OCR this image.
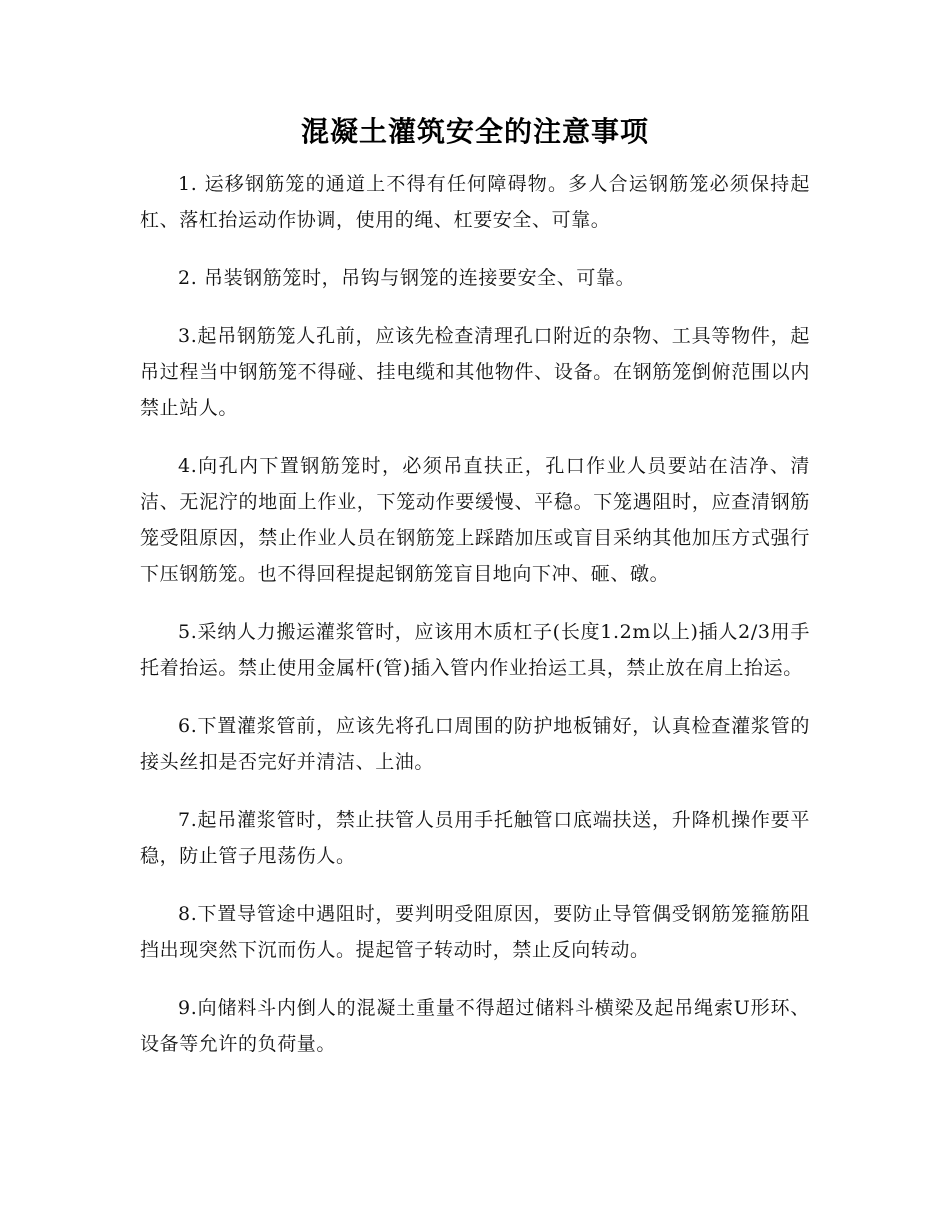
混凝土灌筑安全的注意事项

1. 运移钢筋笼的通道上不得有任何障碍物。多人合运钢筋笼必须保持起杠、落杠抬运动作协调，使用的绳、杠要安全、可靠。

2. 吊装钢筋笼时，吊钩与钢笼的连接要安全、可靠。

3.起吊钢筋笼人孔前，应该先检查清理孔口附近的杂物、工具等物件，起吊过程当中钢筋笼不得碰、挂电缆和其他物件、设备。在钢筋笼倒俯范围以内禁止站人。

4.向孔内下置钢筋笼时，必须吊直扶正，孔口作业人员要站在洁净、清洁、无泥泞的地面上作业，下笼动作要缓慢、平稳。下笼遇阻时，应查清钢筋笼受阻原因，禁止作业人员在钢筋笼上踩踏加压或盲目采纳其他加压方式强行下压钢筋笼。也不得回程提起钢筋笼盲目地向下冲、砸、礅。

5.采纳人力搬运灌浆管时，应该用木质杠子(长度1.2m以上)插人2/3用手托着抬运。禁止使用金属杆(管)插入管内作业抬运工具，禁止放在肩上抬运。

6.下置灌浆管前，应该先将孔口周围的防护地板铺好，认真检查灌浆管的接头丝扣是否完好并清洁、上油。

7.起吊灌浆管时，禁止扶管人员用手托触管口底端扶送，升降机操作要平稳，防止管子甩荡伤人。

8.下置导管途中遇阻时，要判明受阻原因，要防止导管偶受钢筋笼箍筋阻挡出现突然下沉而伤人。提起管子转动时，禁止反向转动。

9.向储料斗内倒人的混凝土重量不得超过储料斗横梁及起吊绳索U形环、设备等允许的负荷量。
